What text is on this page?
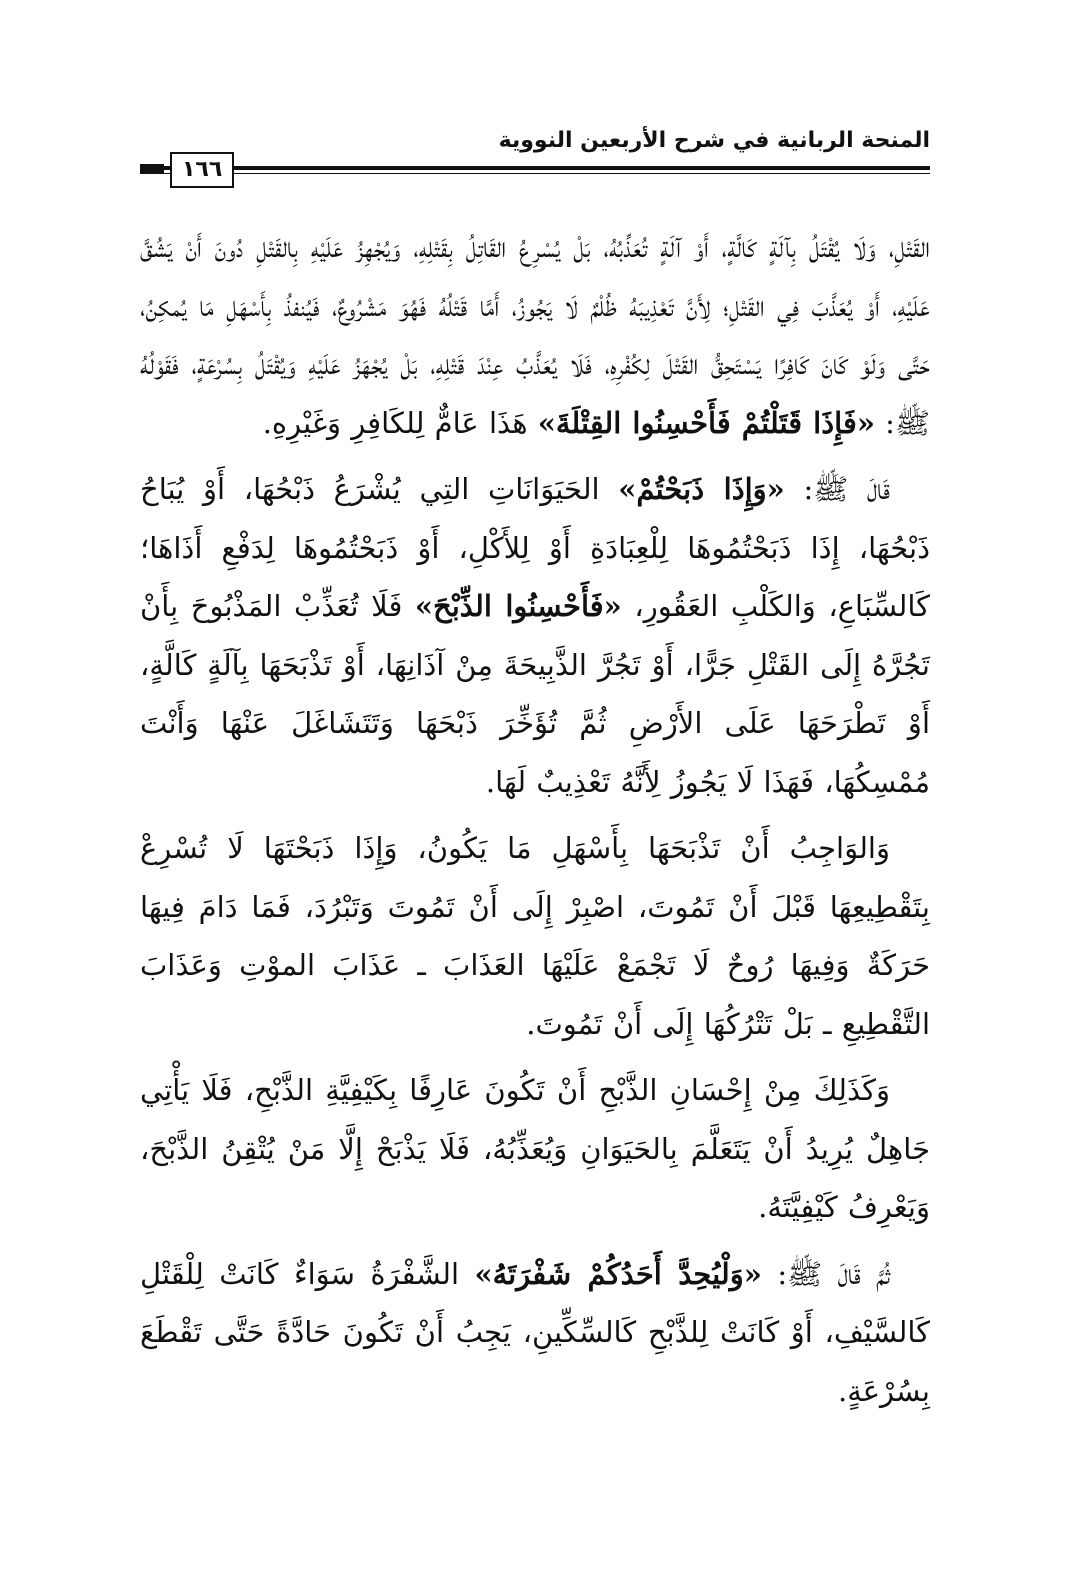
المنحة الربانية في شرح الأربعين النووية
١٦٦

القَتْلِ، وَلَا يُقْتَلُ بِآلَةٍ كَالَّةٍ، أَوْ آلَةٍ تُعَذِّبُهُ، بَلْ يُسْرِعُ القَاتِلُ بِقَتْلِهِ، وَيُجْهِزُ عَلَيْهِ بِالقَتْلِ دُونَ أَنْ يَشُقَّ عَلَيْهِ، أَوْ يُعَذَّبَ فِي القَتْلِ؛ لِأَنَّ تَعْذِيبَهُ ظُلْمٌ لَا يَجُوزُ، أَمَّا قَتْلُهُ فَهُوَ مَشْرُوعٌ، فَيُنفذُ بِأَسْهَلِ مَا يُمكِنُ، حَتَّى وَلَوْ كَانَ كَافِرًا يَسْتَحِقُّ القَتْلَ لِكُفْرِهِ، فَلَا يُعَذَّبُ عِنْدَ قَتْلِهِ، بَلْ يُجْهَزُ عَلَيْهِ وَيُقْتَلُ بِسُرْعَةٍ، فَقَوْلُهُ ﷺ: «فَإِذَا قَتَلْتُمْ فَأَحْسِنُوا القِتْلَةَ» هَذَا عَامٌّ لِلكَافِرِ وَغَيْرِهِ.

قَالَ ﷺ: «وَإِذَا ذَبَحْتُمْ» الحَيَوَانَاتِ التِي يُشْرَعُ ذَبْحُهَا، أَوْ يُبَاحُ ذَبْحُهَا، إِذَا ذَبَحْتُمُوهَا لِلْعِبَادَةِ أَوْ لِلأَكْلِ، أَوْ ذَبَحْتُمُوهَا لِدَفْعِ أَذَاهَا؛ كَالسِّبَاعِ، وَالكَلْبِ العَقُورِ، «فَأَحْسِنُوا الذِّبْحَ» فَلَا تُعَذِّبْ المَذْبُوحَ بِأَنْ تَجُرَّهُ إِلَى القَتْلِ جَرًّا، أَوْ تَجُرَّ الذَّبِيحَةَ مِنْ آذَانِهَا، أَوْ تَذْبَحَهَا بِآلَةٍ كَالَّةٍ، أَوْ تَطْرَحَهَا عَلَى الأَرْضِ ثُمَّ تُؤَخِّرَ ذَبْحَهَا وَتَتَشَاغَلَ عَنْهَا وَأَنْتَ مُمْسِكُهَا، فَهَذَا لَا يَجُوزُ لِأَنَّهُ تَعْذِيبٌ لَهَا.

وَالوَاجِبُ أَنْ تَذْبَحَهَا بِأَسْهَلِ مَا يَكُونُ، وَإِذَا ذَبَحْتَهَا لَا تُسْرِعْ بِتَقْطِيعِهَا قَبْلَ أَنْ تَمُوتَ، اصْبِرْ إِلَى أَنْ تَمُوتَ وَتَبْرُدَ، فَمَا دَامَ فِيهَا حَرَكَةٌ وَفِيهَا رُوحٌ لَا تَجْمَعْ عَلَيْهَا العَذَابَ ـ عَذَابَ الموْتِ وَعَذَابَ التَّقْطِيعِ ـ بَلْ تَتْرُكُهَا إِلَى أَنْ تَمُوتَ.

وَكَذَلِكَ مِنْ إِحْسَانِ الذَّبْحِ أَنْ تَكُونَ عَارِفًا بِكَيْفِيَّةِ الذَّبْحِ، فَلَا يَأْتِي جَاهِلٌ يُرِيدُ أَنْ يَتَعَلَّمَ بِالحَيَوَانِ وَيُعَذِّبُهُ، فَلَا يَذْبَحْ إِلَّا مَنْ يُتْقِنُ الذَّبْحَ، وَيَعْرِفُ كَيْفِيَّتَهُ.

ثُمَّ قَالَ ﷺ: «وَلْيُحِدَّ أَحَدُكُمْ شَفْرَتَهُ» الشَّفْرَةُ سَوَاءٌ كَانَتْ لِلْقَتْلِ كَالسَّيْفِ، أَوْ كَانَتْ لِلذَّبْحِ كَالسِّكِّينِ، يَجِبُ أَنْ تَكُونَ حَادَّةً حَتَّى تَقْطَعَ بِسُرْعَةٍ.
